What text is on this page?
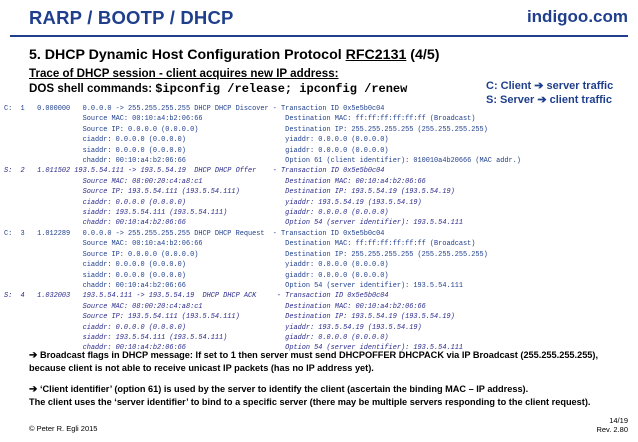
RARP / BOOTP / DHCP	indigoo.com
5. DHCP Dynamic Host Configuration Protocol RFC2131 (4/5)
Trace of DHCP session - client acquires new IP address:
DOS shell commands: $ipconfig /release; ipconfig /renew	C: Client ➔ server traffic
S: Server ➔ client traffic
C:  1   0.000000   0.0.0.0 -> 255.255.255.255 DHCP DHCP Discover - Transaction ID 0x5e5b0c04
Source MAC: 00:10:a4:b2:06:66                    Destination MAC: ff:ff:ff:ff:ff:ff (Broadcast)
Source IP: 0.0.0.0 (0.0.0.0)                     Destination IP: 255.255.255.255 (255.255.255.255)
ciaddr: 0.0.0.0 (0.0.0.0)                        yiaddr: 0.0.0.0 (0.0.0.0)
siaddr: 0.0.0.0 (0.0.0.0)                        giaddr: 0.0.0.0 (0.0.0.0)
chaddr: 00:10:a4:b2:06:66                        Option 61 (client identifier): 010010a4b20666 (MAC addr.)
S:  2   1.011502 193.5.54.111 -> 193.5.54.19  DHCP DHCP Offer    - Transaction ID 0x5e5b0c04
Source MAC: 08:00:20:c4:a8:c1                    Destination MAC: 00:10:a4:b2:06:66
Source IP: 193.5.54.111 (193.5.54.111)           Destination IP: 193.5.54.19 (193.5.54.19)
ciaddr: 0.0.0.0 (0.0.0.0)                        yiaddr: 193.5.54.19 (193.5.54.19)
siaddr: 193.5.54.111 (193.5.54.111)              giaddr: 0.0.0.0 (0.0.0.0)
chaddr: 00:10:a4:b2:06:66                        Option 54 (server identifier): 193.5.54.111
C:  3   1.012289   0.0.0.0 -> 255.255.255.255 DHCP DHCP Request  - Transaction ID 0x5e5b0c04
Source MAC: 00:10:a4:b2:06:66                    Destination MAC: ff:ff:ff:ff:ff:ff (Broadcast)
Source IP: 0.0.0.0 (0.0.0.0)                     Destination IP: 255.255.255.255 (255.255.255.255)
ciaddr: 0.0.0.0 (0.0.0.0)                        yiaddr: 0.0.0.0 (0.0.0.0)
siaddr: 0.0.0.0 (0.0.0.0)                        giaddr: 0.0.0.0 (0.0.0.0)
chaddr: 00:10:a4:b2:06:66                        Option 54 (server identifier): 193.5.54.111
S:  4   1.032003   193.5.54.111 -> 193.5.54.19  DHCP DHCP ACK     - Transaction ID 0x5e5b0c04
Source MAC: 08:00:20:c4:a8:c1                    Destination MAC: 00:10:a4:b2:06:66
Source IP: 193.5.54.111 (193.5.54.111)           Destination IP: 193.5.54.19 (193.5.54.19)
ciaddr: 0.0.0.0 (0.0.0.0)                        yiaddr: 193.5.54.19 (193.5.54.19)
siaddr: 193.5.54.111 (193.5.54.111)              giaddr: 0.0.0.0 (0.0.0.0)
chaddr: 00:10:a4:b2:06:66                        Option 54 (server identifier): 193.5.54.111
➔ Broadcast flags in DHCP message: If set to 1 then server must send DHCPOFFER DHCPACK via IP Broadcast (255.255.255.255),
because client is not able to receive unicast IP packets (has no IP address yet).
➔ ‘Client identifier’ (option 61) is used by the server to identify the client (ascertain the binding MAC – IP address).
The client uses the ‘server identifier’ to bind to a specific server (there may be multiple servers responding to the client request).
© Peter R. Egli 2015
14/19
Rev. 2.80
